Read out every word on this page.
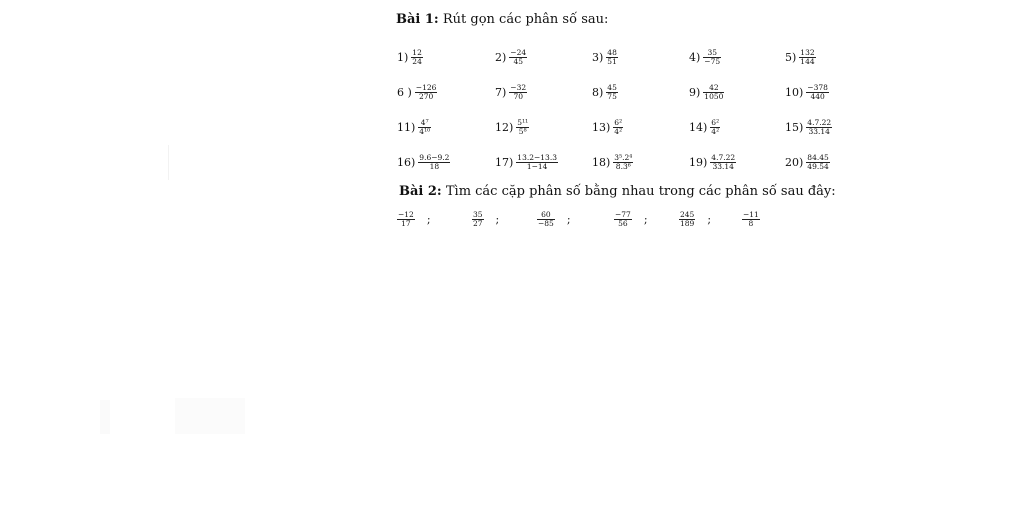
Bài 1: Rút gọn các phân số sau:
$1) \frac{12}{24}$	$2) \frac{-24}{45}$	$3) \frac{48}{51}$	$4) \frac{35}{-75}$	$5) \frac{132}{144}$
6 ) $\frac{-126}{270}$	$7) \frac{-32}{70}$	$8) \frac{45}{75}$	$9) \frac{42}{1050}$	$10) \frac{-378}{440}$
$11) \frac{\text{4⁷}}{\text{4¹⁰}}$	$12) \frac{\text{5¹¹}}{\text{5⁸}}$	$13) \frac{\text{6²}}{\text{4²}}$	$14) \frac{\text{6²}}{\text{4²}}$	$15) \frac{4.7.22}{33.14}$
$16) \frac{9.6-9.2}{18}$	$17) \frac{13.2-13.3}{1-14}$	$18) \frac{\text{3⁵.2⁴}}{\text{8.3⁶}}$	$19) \frac{4.7.22}{33.14}$	$20) \frac{84.45}{49.54}$
Bài 2: Tìm các cặp phân số bằng nhau trong các phân số sau đây:
$\frac{-12}{17}$ ;	$\frac{35}{27}$ ;	$\frac{60}{-85}$ ;	$\frac{-77}{56}$ ;	$\frac{245}{189}$ ;	$\frac{-11}{8}$
